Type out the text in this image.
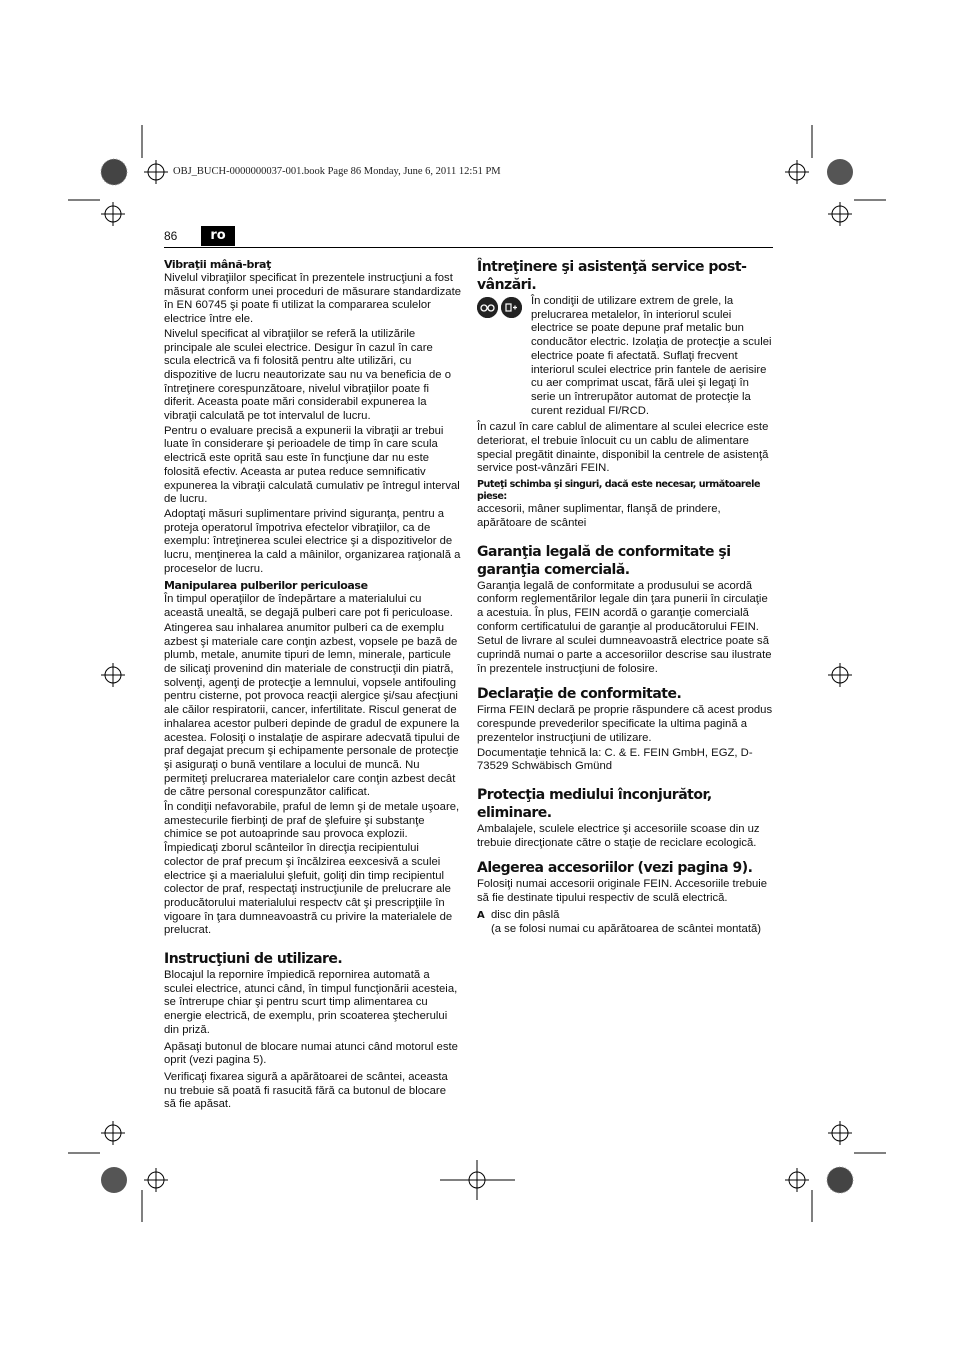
OBJ_BUCH-0000000037-001.book Page 86 Monday, June 6, 2011 12:51 PM
86	ro

Vibraţii mână-braţ

Nivelul vibraţiilor specificat în prezentele instrucţiuni a fost măsurat conform unei proceduri de măsurare standardizate în EN 60745 şi poate fi utilizat la compararea sculelor electrice între ele.

Nivelul specificat al vibraţiilor se referă la utilizările principale ale sculei electrice. Desigur în cazul în care scula electrică va fi folosită pentru alte utilizări, cu dispozitive de lucru neautorizate sau nu va beneficia de o întreţinere corespunzătoare, nivelul vibraţiilor poate fi diferit. Aceasta poate mări considerabil expunerea la vibraţii calculată pe tot intervalul de lucru.

Pentru o evaluare precisă a expunerii la vibraţii ar trebui luate în considerare şi perioadele de timp în care scula electrică este oprită sau este în funcţiune dar nu este folosită efectiv. Aceasta ar putea reduce semnificativ expunerea la vibraţii calculată cumulativ pe întregul interval de lucru.

Adoptaţi măsuri suplimentare privind siguranţa, pentru a proteja operatorul împotriva efectelor vibraţiilor, ca de exemplu: întreţinerea sculei electrice şi a dispozitivelor de lucru, menţinerea la cald a mâinilor, organizarea raţională a proceselor de lucru.

Manipularea pulberilor periculoase

În timpul operaţiilor de îndepărtare a materialului cu această unealtă, se degajă pulberi care pot fi periculoase.

Atingerea sau inhalarea anumitor pulberi ca de exemplu azbest şi materiale care conţin azbest, vopsele pe bază de plumb, metale, anumite tipuri de lemn, minerale, particule de silicaţi provenind din materiale de construcţii din piatră, solvenţi, agenţi de protecţie a lemnului, vopsele antifouling pentru cisterne, pot provoca reacţii alergice şi/sau afecţiuni ale căilor respiratorii, cancer, infertilitate. Riscul generat de inhalarea acestor pulberi depinde de gradul de expunere la acestea. Folosiţi o instalaţie de aspirare adecvată tipului de praf degajat precum şi echipamente personale de protecţie şi asiguraţi o bună ventilare a locului de muncă. Nu permiteţi prelucrarea materialelor care conţin azbest decât de către personal corespunzător calificat.

În condiţii nefavorabile, praful de lemn şi de metale uşoare, amestecurile fierbinţi de praf de şlefuire şi substanţe chimice se pot autoaprinde sau provoca explozii. Împiedicaţi zborul scânteilor în direcţia recipientului colector de praf precum şi încălzirea eexcesivă a sculei electrice şi a maerialului şlefuit, goliţi din timp recipientul colector de praf, respectaţi instrucţiunile de prelucrare ale producătorului materialului respectv cât şi prescripţiile în vigoare în ţara dumneavoastră cu privire la materialele de prelucrat.

Instrucţiuni de utilizare.

Blocajul la repornire împiedică repornirea automată a sculei electrice, atunci când, în timpul funcţionării acesteia, se întrerupe chiar şi pentru scurt timp alimentarea cu energie electrică, de exemplu, prin scoaterea ştecherului din priză.

Apăsaţi butonul de blocare numai atunci când motorul este oprit (vezi pagina 5).

Verificaţi fixarea sigură a apărătoarei de scântei, aceasta nu trebuie să poată fi rasucită fără ca butonul de blocare să fie apăsat.

Întreţinere şi asistenţă service post-vânzări.

În condiţii de utilizare extrem de grele, la prelucrarea metalelor, în interiorul sculei electrice se poate depune praf metalic bun conducător electric. Izolaţia de protecţie a sculei electrice poate fi afectată. Suflaţi frecvent interiorul sculei electrice prin fantele de aerisire cu aer comprimat uscat, fără ulei şi legaţi în serie un întrerupător automat de protecţie la curent rezidual FI/RCD.

În cazul în care cablul de alimentare al sculei elecrice este deteriorat, el trebuie înlocuit cu un cablu de alimentare special pregătit dinainte, disponibil la centrele de asistenţă service post-vânzări FEIN.

Puteţi schimba şi singuri, dacă este necesar, următoarele piese:

accesorii, mâner suplimentar, flanşă de prindere, apărătoare de scântei

Garanţia legală de conformitate şi garanţia comercială.

Garanţia legală de conformitate a produsului se acordă conform reglementărilor legale din ţara punerii în circulaţie a acestuia. În plus, FEIN acordă o garanţie comercială conform certificatului de garanţie al producătorului FEIN.

Setul de livrare al sculei dumneavoastră electrice poate să cuprindă numai o parte a accesoriilor descrise sau ilustrate în prezentele instrucţiuni de folosire.

Declaraţie de conformitate.

Firma FEIN declară pe proprie răspundere că acest produs corespunde prevederilor specificate la ultima pagină a prezentelor instrucţiuni de utilizare.

Documentaţie tehnică la: C. & E. FEIN GmbH, EGZ, D-73529 Schwäbisch Gmünd

Protecţia mediului înconjurător, eliminare.

Ambalajele, sculele electrice şi accesoriile scoase din uz trebuie direcţionate către o staţie de reciclare ecologică.

Alegerea accesoriilor (vezi pagina 9).

Folosiţi numai accesorii originale FEIN. Accesoriile trebuie să fie destinate tipului respectiv de sculă electrică.

A disc din pâslă
(a se folosi numai cu apărătoarea de scântei montată)
